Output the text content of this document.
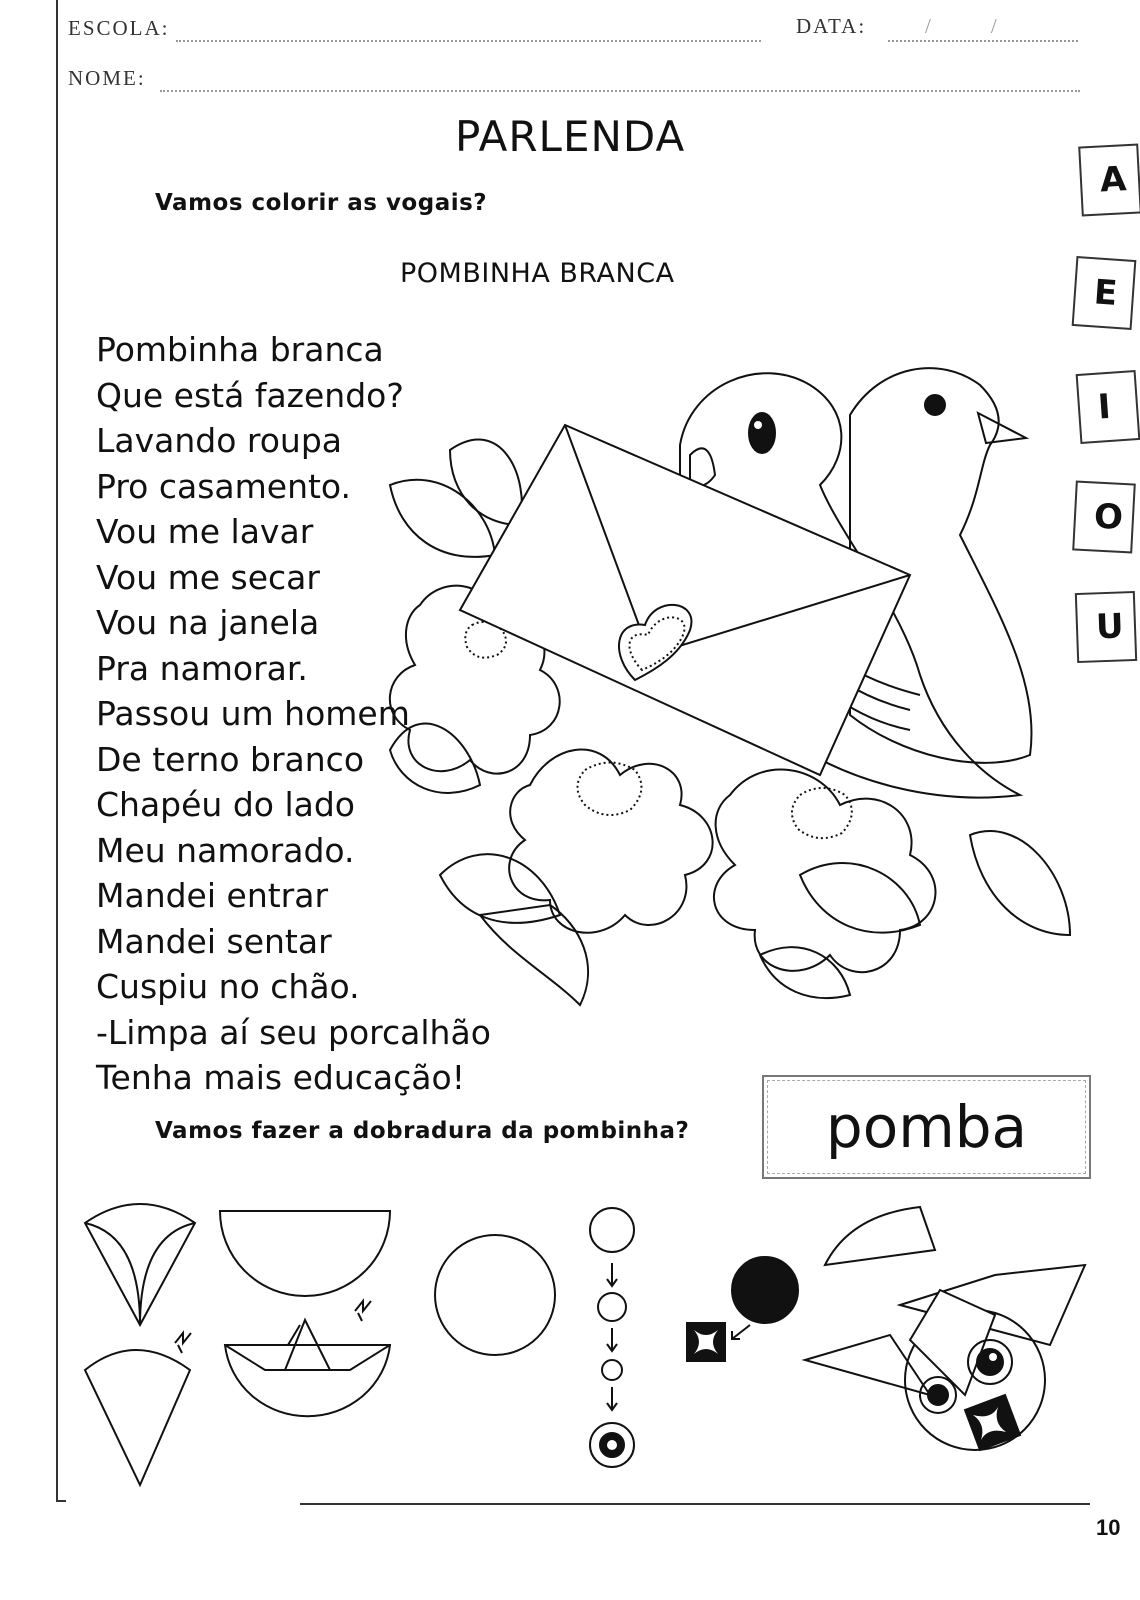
ESCOLA:	DATA:	/        /
NOME:
PARLENDA
Vamos colorir as vogais?
POMBINHA BRANCA
Pombinha branca
Que está fazendo?
Lavando roupa
Pro casamento.
Vou me lavar
Vou me secar
Vou na janela
Pra namorar.
Passou um homem
De terno branco
Chapéu do lado
Meu namorado.
Mandei entrar
Mandei sentar
Cuspiu no chão.
-Limpa aí seu porcalhão
Tenha mais educação!
A
E
I
O
U
Vamos fazer a dobradura da pombinha? pomba
10
